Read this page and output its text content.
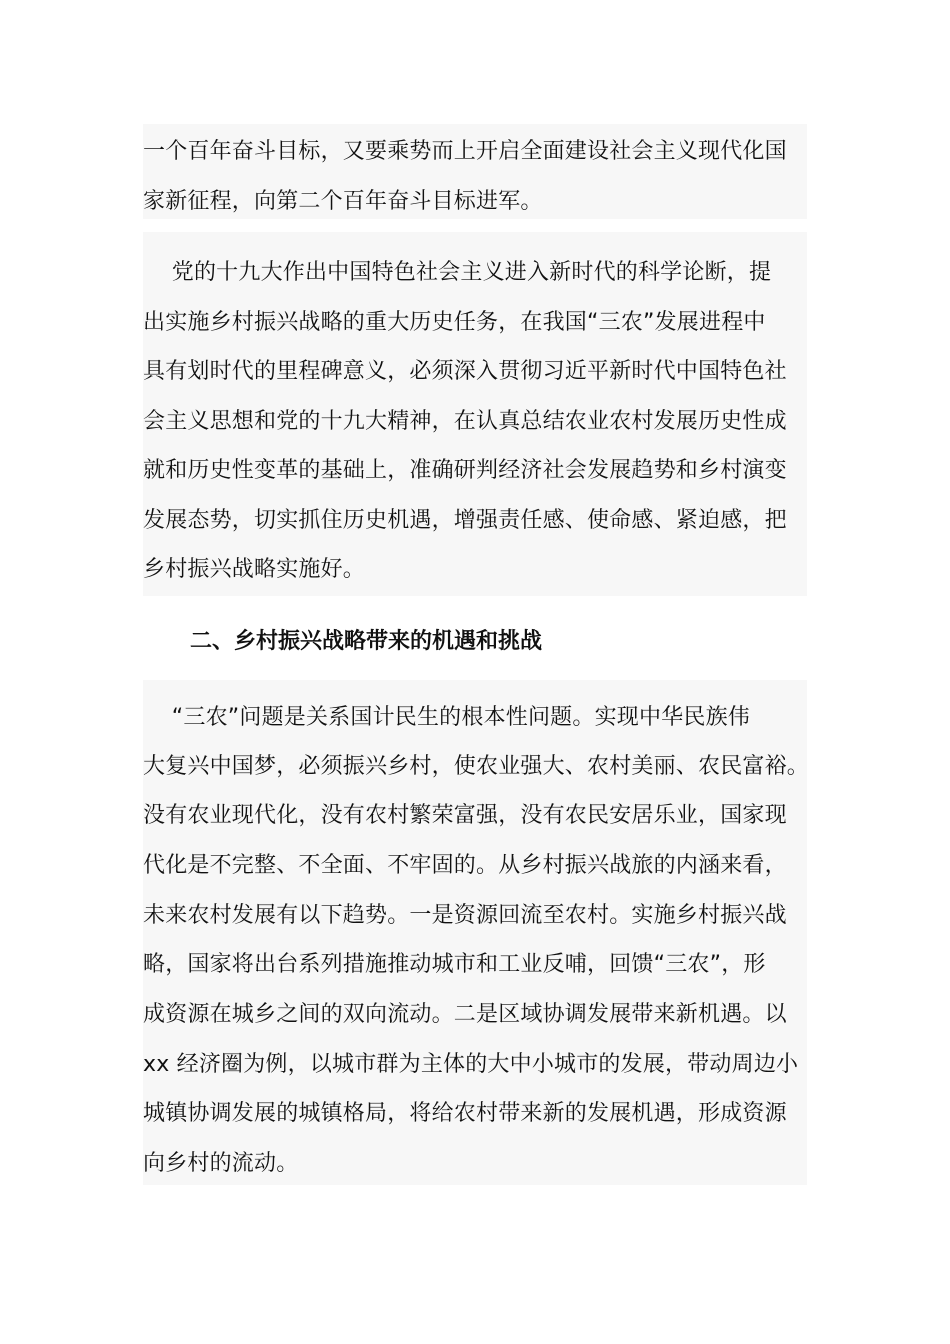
一个百年奋斗目标，又要乘势而上开启全面建设社会主义现代化国
家新征程，向第二个百年奋斗目标进军。
党的十九大作出中国特色社会主义进入新时代的科学论断，提
出实施乡村振兴战略的重大历史任务，在我国“三农”发展进程中
具有划时代的里程碑意义，必须深入贯彻习近平新时代中国特色社
会主义思想和党的十九大精神，在认真总结农业农村发展历史性成
就和历史性变革的基础上，准确研判经济社会发展趋势和乡村演变
发展态势，切实抓住历史机遇，增强责任感、使命感、紧迫感，把
乡村振兴战略实施好。
二、乡村振兴战略带来的机遇和挑战
“三农”问题是关系国计民生的根本性问题。实现中华民族伟
大复兴中国梦，必须振兴乡村，使农业强大、农村美丽、农民富裕。
没有农业现代化，没有农村繁荣富强，没有农民安居乐业，国家现
代化是不完整、不全面、不牢固的。从乡村振兴战旅的内涵来看，
未来农村发展有以下趋势。一是资源回流至农村。实施乡村振兴战
略，国家将出台系列措施推动城市和工业反哺，回馈“三农”，形
成资源在城乡之间的双向流动。二是区域协调发展带来新机遇。以
xx 经济圈为例，以城市群为主体的大中小城市的发展，带动周边小
城镇协调发展的城镇格局，将给农村带来新的发展机遇，形成资源
向乡村的流动。
